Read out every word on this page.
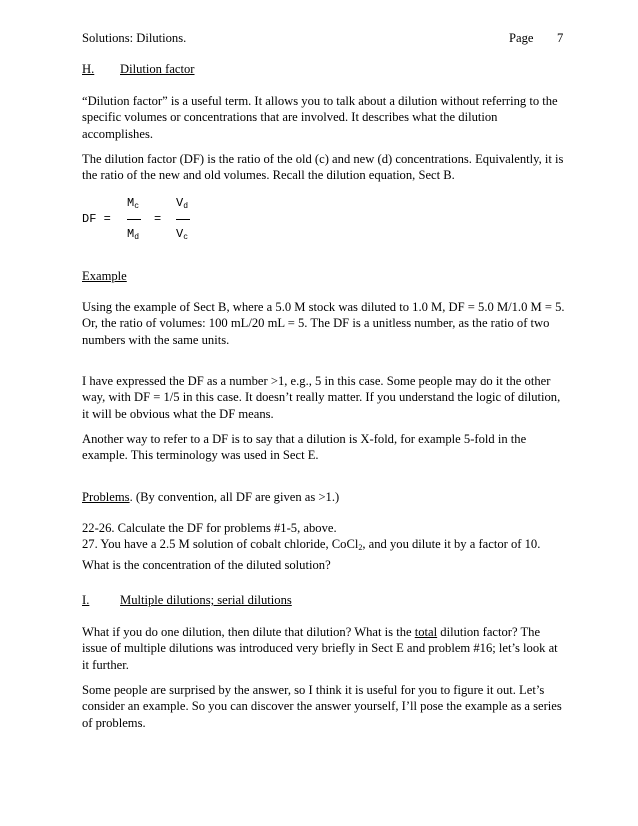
Solutions: Dilutions.	Page 7
H. Dilution factor

“Dilution factor” is a useful term. It allows you to talk about a dilution without referring to the specific volumes or concentrations that are involved. It describes what the dilution accomplishes.

The dilution factor (DF) is the ratio of the old (c) and new (d) concentrations. Equivalently, it is the ratio of the new and old volumes. Recall the dilution equation, Sect B.

$M_c$	$V_d$
DF =	=
$M_d$	$V_c$
Example

Using the example of Sect B, where a 5.0 M stock was diluted to 1.0 M, DF = 5.0 M/1.0 M = 5. Or, the ratio of volumes: 100 mL/20 mL = 5. The DF is a unitless number, as the ratio of two numbers with the same units.

I have expressed the DF as a number >1, e.g., 5 in this case. Some people may do it the other way, with DF = 1/5 in this case. It doesn’t really matter. If you understand the logic of dilution, it will be obvious what the DF means.

Another way to refer to a DF is to say that a dilution is X-fold, for example 5-fold in the example. This terminology was used in Sect E.

Problems. (By convention, all DF are given as >1.)

22-26. Calculate the DF for problems #1-5, above.

27. You have a 2.5 M solution of cobalt chloride, CoCl$_2$, and you dilute it by a factor of 10. What is the concentration of the diluted solution?

I. Multiple dilutions; serial dilutions

What if you do one dilution, then dilute that dilution? What is the total dilution factor? The issue of multiple dilutions was introduced very briefly in Sect E and problem #16; let’s look at it further.

Some people are surprised by the answer, so I think it is useful for you to figure it out. Let’s consider an example. So you can discover the answer yourself, I’ll pose the example as a series of problems.
